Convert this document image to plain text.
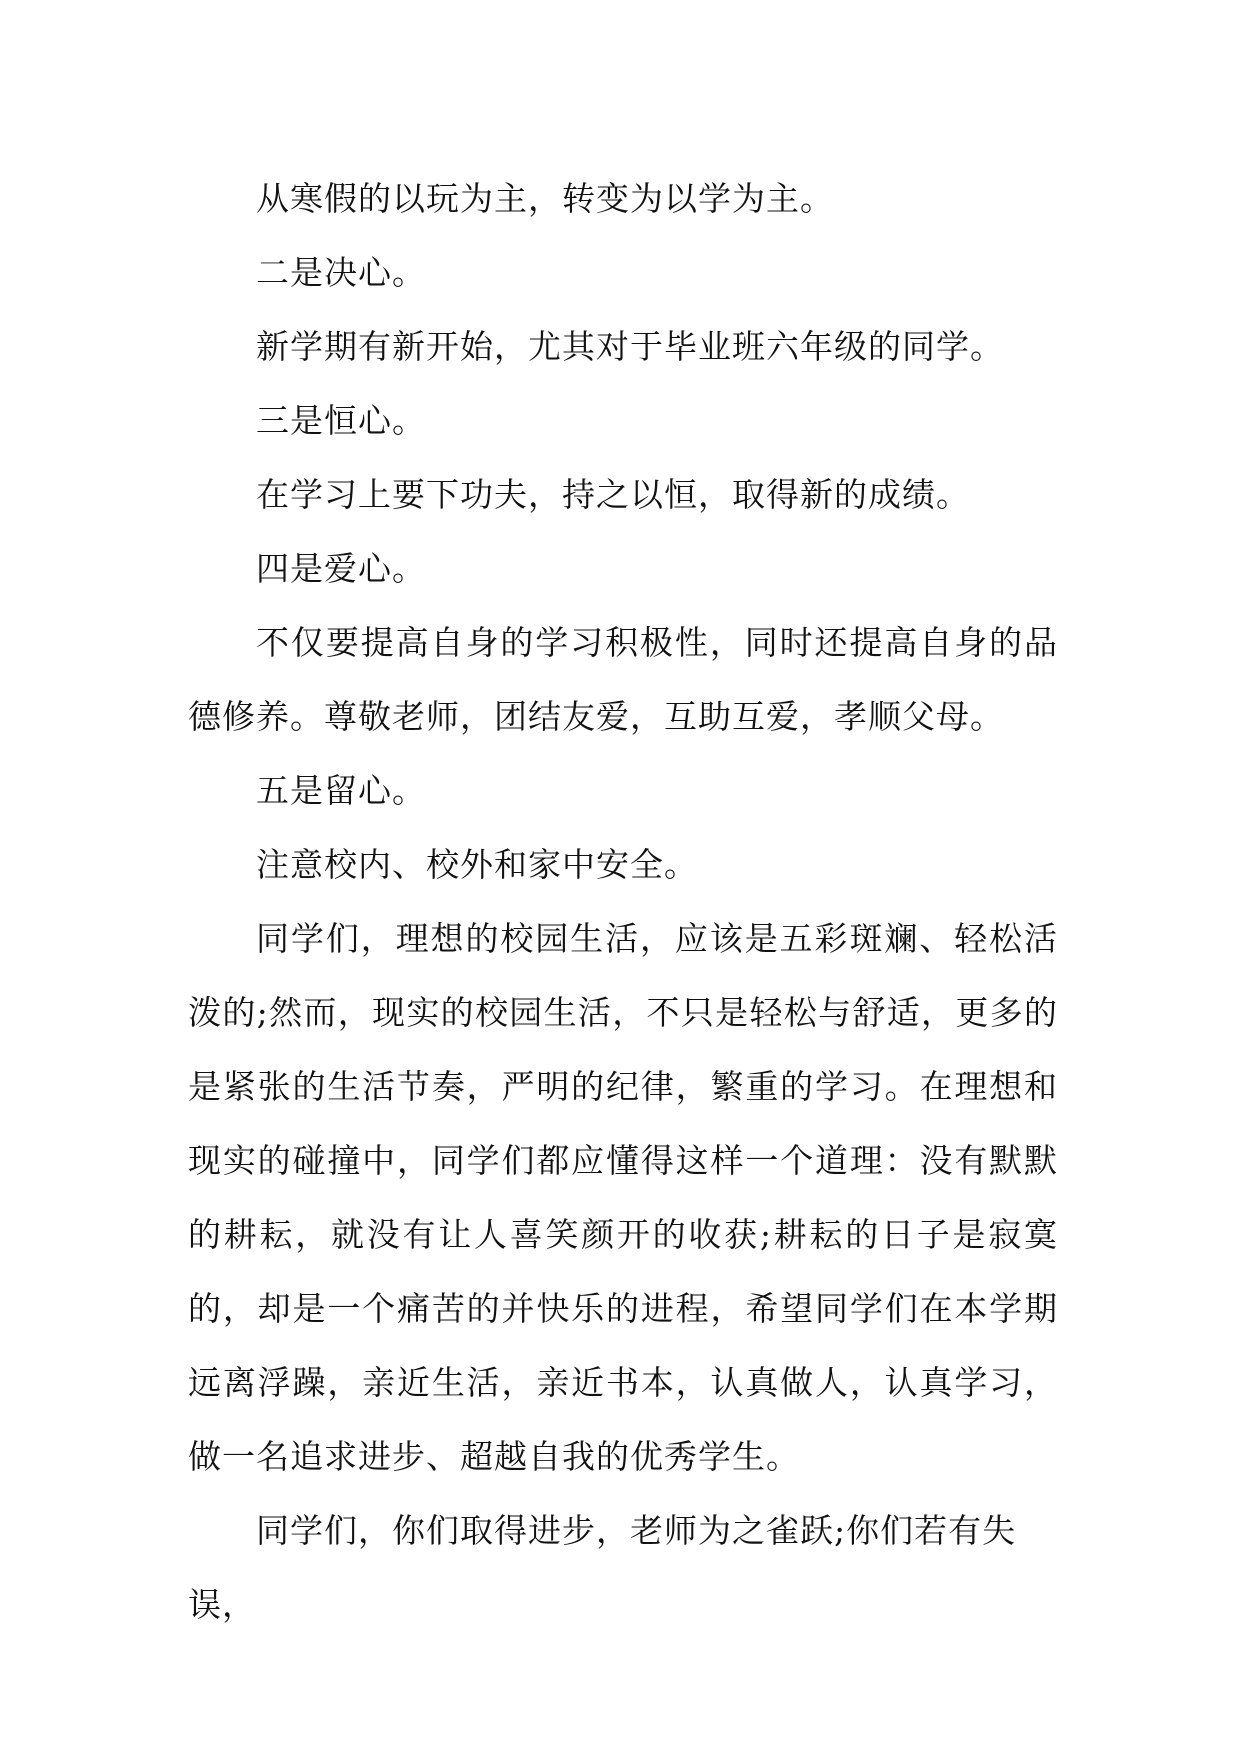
从寒假的以玩为主，转变为以学为主。

二是决心。

新学期有新开始，尤其对于毕业班六年级的同学。

三是恒心。

在学习上要下功夫，持之以恒，取得新的成绩。

四是爱心。

不仅要提高自身的学习积极性，同时还提高自身的品德修养。尊敬老师，团结友爱，互助互爱，孝顺父母。

五是留心。

注意校内、校外和家中安全。

同学们，理想的校园生活，应该是五彩斑斓、轻松活泼的;然而，现实的校园生活，不只是轻松与舒适，更多的是紧张的生活节奏，严明的纪律，繁重的学习。在理想和现实的碰撞中，同学们都应懂得这样一个道理：没有默默的耕耘，就没有让人喜笑颜开的收获;耕耘的日子是寂寞的，却是一个痛苦的并快乐的进程，希望同学们在本学期远离浮躁，亲近生活，亲近书本，认真做人，认真学习，做一名追求进步、超越自我的优秀学生。

同学们，你们取得进步，老师为之雀跃;你们若有失误，
